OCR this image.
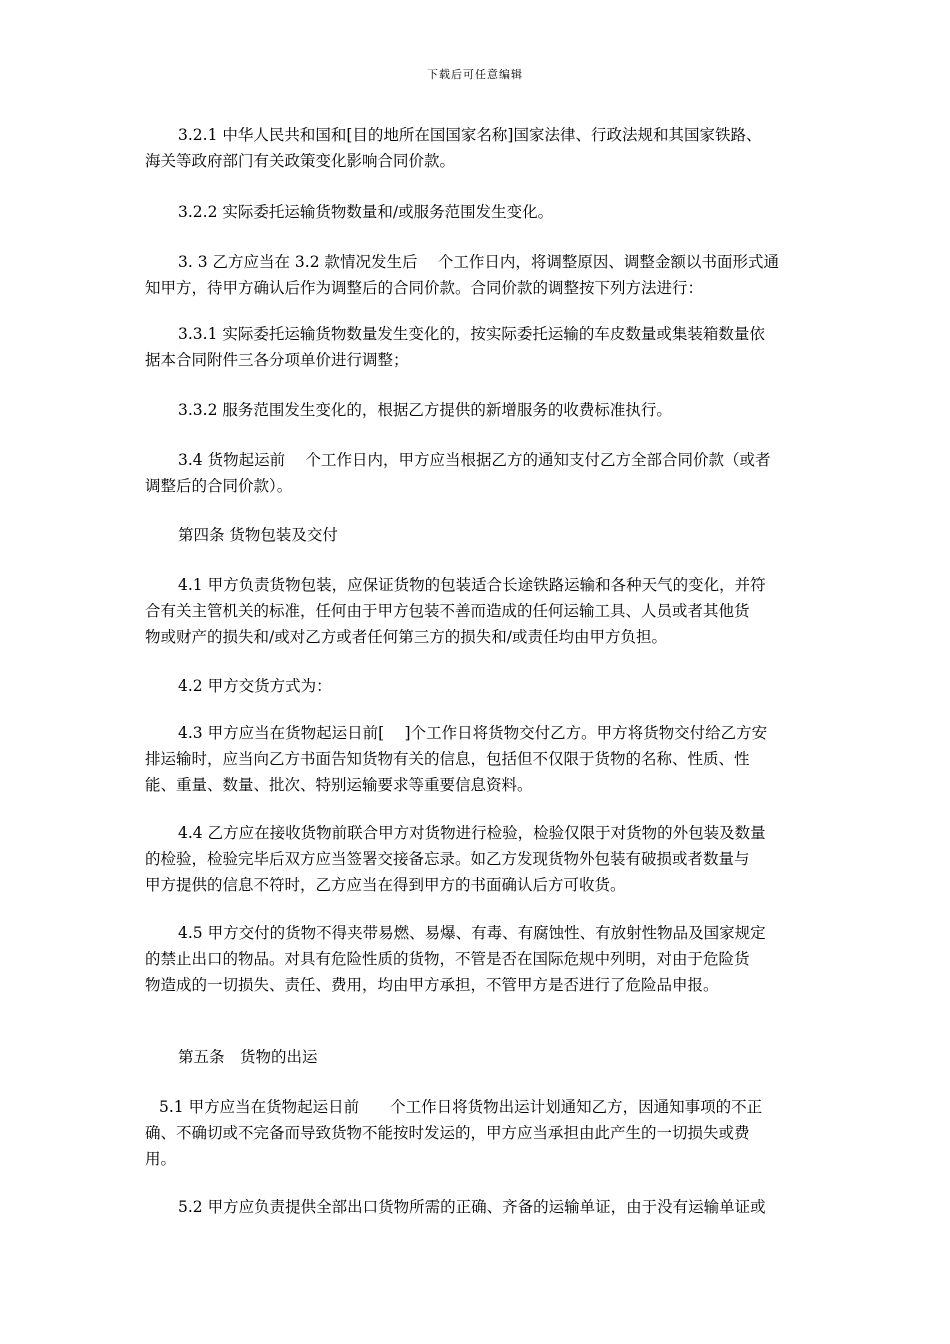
下载后可任意编辑

3.2.1 中华人民共和国和[目的地所在国国家名称]国家法律、行政法规和其国家铁路、
海关等政府部门有关政策变化影响合同价款。

3.2.2 实际委托运输货物数量和/或服务范围发生变化。

3. 3 乙方应当在 3.2 款情况发生后　 个工作日内，将调整原因、调整金额以书面形式通
知甲方，待甲方确认后作为调整后的合同价款。合同价款的调整按下列方法进行：

3.3.1 实际委托运输货物数量发生变化的，按实际委托运输的车皮数量或集装箱数量依
据本合同附件三各分项单价进行调整；

3.3.2 服务范围发生变化的，根据乙方提供的新增服务的收费标准执行。

3.4 货物起运前　 个工作日内，甲方应当根据乙方的通知支付乙方全部合同价款（或者
调整后的合同价款）。

第四条 货物包装及交付

4.1 甲方负责货物包装，应保证货物的包装适合长途铁路运输和各种天气的变化，并符
合有关主管机关的标准，任何由于甲方包装不善而造成的任何运输工具、人员或者其他货
物或财产的损失和/或对乙方或者任何第三方的损失和/或责任均由甲方负担。

4.2 甲方交货方式为：

4.3 甲方应当在货物起运日前[　 ]个工作日将货物交付乙方。甲方将货物交付给乙方安
排运输时，应当向乙方书面告知货物有关的信息，包括但不仅限于货物的名称、性质、性
能、重量、数量、批次、特别运输要求等重要信息资料。

4.4 乙方应在接收货物前联合甲方对货物进行检验，检验仅限于对货物的外包装及数量
的检验，检验完毕后双方应当签署交接备忘录。如乙方发现货物外包装有破损或者数量与
甲方提供的信息不符时，乙方应当在得到甲方的书面确认后方可收货。

4.5 甲方交付的货物不得夹带易燃、易爆、有毒、有腐蚀性、有放射性物品及国家规定
的禁止出口的物品。对具有危险性质的货物，不管是否在国际危规中列明，对由于危险货
物造成的一切损失、责任、费用，均由甲方承担，不管甲方是否进行了危险品申报。

第五条　货物的出运

5.1 甲方应当在货物起运日前　　个工作日将货物出运计划通知乙方，因通知事项的不正
确、不确切或不完备而导致货物不能按时发运的，甲方应当承担由此产生的一切损失或费
用。

5.2 甲方应负责提供全部出口货物所需的正确、齐备的运输单证，由于没有运输单证或
